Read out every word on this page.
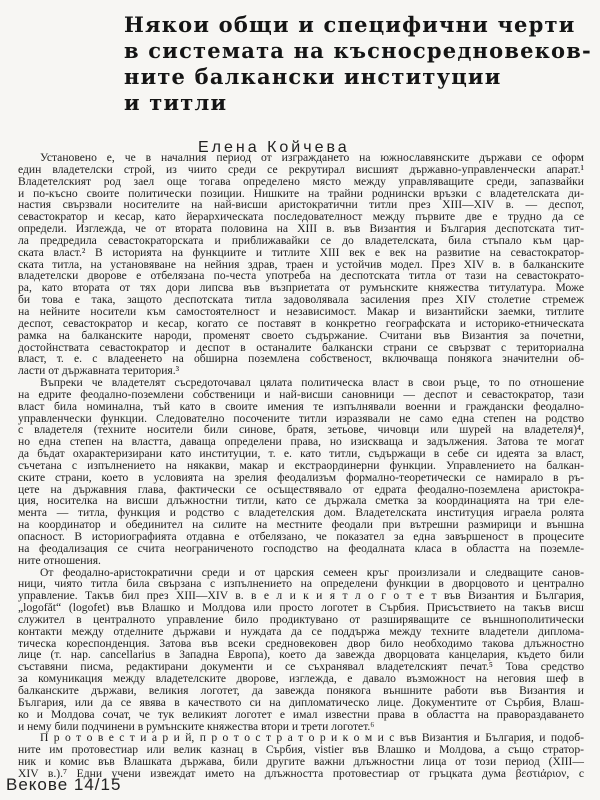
Някои общи и специфични черти
в системата на къснoсредновеков-
ните балкански институции
и титли
Елена Койчева
Установено е, че в началния период от изграждането на южнославянските държави се оформ
един владетелски строй, из чиито среди се рекрутирал висшият държавно-управленчески апарат.¹
Владетелският род заел още тогава определено място между управляващите среди, запазвайки
и по-късно своите политически позиции. Нишките на трайни роднински връзки с владетелската ди-
настия свързвали носителите на най-висши аристократични титли през XIII—XIV в. — деспот,
севастократор и кесар, като йерархическата последователност между първите две е трудно да се
определи. Изглежда, че от втората половина на XIII в. във Византия и България деспотската тит-
ла предредила севастократорската и приближавайки се до владетелската, била стъпало към цар-
ската власт.² В историята на функциите и титлите XIII век е век на развитие на севастократор-
ската титла, на установяване на нейния здрав, траен и устойчив модел. През XIV в. в балканските
владетелски дворове е отбелязана по-честа употреба на деспотската титла от тази на севастократо-
ра, като втората от тях дори липсва във възприетата от румънските княжества титулатура. Може
би това е така, защото деспотската титла задоволявала засиления през XIV столетие стремеж
на нейните носители към самостоятелност и независимост. Макар и византийски заемки, титлите
деспот, севастократор и кесар, когато се поставят в конкретно географската и историко-етническата
рамка на балканските народи, променят своето съдържание. Считани във Византия за почетни,
достойнствата севастократор и деспот в останалите балкански страни се свързват с териториална
власт, т. е. с владеенето на обширна поземлена собственост, включваща понякога значителни об-
ласти от държавната територия.³
Въпреки че владетелят съсредоточавал цялата политическа власт в свои ръце, то по отношение
на едрите феодално-поземлени собственици и най-висши сановници — деспот и севастократор, тази
власт била номинална, тъй като в своите имения те изпълнявали военни и граждански феодално-
управленчески функции. Следователно посочените титли изразявали не само една степен на родство
с владетеля (техните носители били синове, братя, зетьове, чичовци или шурей на владетеля)⁴,
но една степен на властта, даваща определени права, но изискваща и задължения. Затова те могат
да бъдат охарактеризирани като институции, т. е. като титли, съдържащи в себе си идеята за власт,
съчетана с изпълнението на някакви, макар и екстраординерни функции. Управлението на балкан-
ските страни, което в условията на зрелия феодализъм формално-теоретически се намирало в ръ-
цете на държавния глава, фактически се осъществявало от едрата феодално-поземлена аристокра-
ция, носителка на висши длъжностни титли, като се държала сметка за координацията на три еле-
мента — титла, функция и родство с владетелския дом. Владетелската институция играела ролята
на координатор и обединител на силите на местните феодали при вътрешни размирици и външна
опасност. В историографията отдавна е отбелязано, че показател за една завършеност в процесите
на феодализация се счита неограниченото господство на феодалната класа в областта на поземле-
ните отношения.
От феодално-аристократични среди и от царския семеен кръг произлизали и следващите санов-
ници, чиято титла била свързана с изпълнението на определени функции в дворцовото и централно
управление. Такъв бил през XIII—XIV в. в е л и к и я т л о г о т е т във Византия и България,
„logofăt“ (logofet) във Влашко и Молдова или просто логотет в Сърбия. Присъствието на такъв висш
служител в централното управление било продиктувано от разширяващите се външнополитически
контакти между отделните държави и нуждата да се поддържа между техните владетели диплома-
тическа кореспонденция. Затова във всеки средновековен двор било необходимо такова длъжностно
лице (т. нар. cancellarius в Западна Европа), което да завежда дворцовата канцелария, където били
съставяни писма, редактирани документи и се съхранявал владетелският печат.⁵ Това средство
за комуникация между владетелските дворове, изглежда, е давало възможност на неговия шеф в
балканските държави, великия логотет, да завежда понякога външните работи във Византия и
България, или да се явява в качеството си на дипломатическо лице. Документите от Сърбия, Влаш-
ко и Молдова сочат, че тук великият логотет е имал известни права в областта на правораздаването
и нему били подчинени в румънските княжества втори и трети логотет.⁶
П р о т о в е с т и а р и й, п р о т о с т р а т о р и к о м и с във Византия и България, и подоб-
ните им протовестиар или велик казнац в Сърбия, vistier във Влашко и Молдова, а също стратор-
ник и комис във Влашката държава, били другите важни длъжностни лица от този период (XIII—
XIV в.).⁷ Едни учени извеждат името на длъжността протовестиар от гръцката дума βεστιάριον, с
Векове 14/15
